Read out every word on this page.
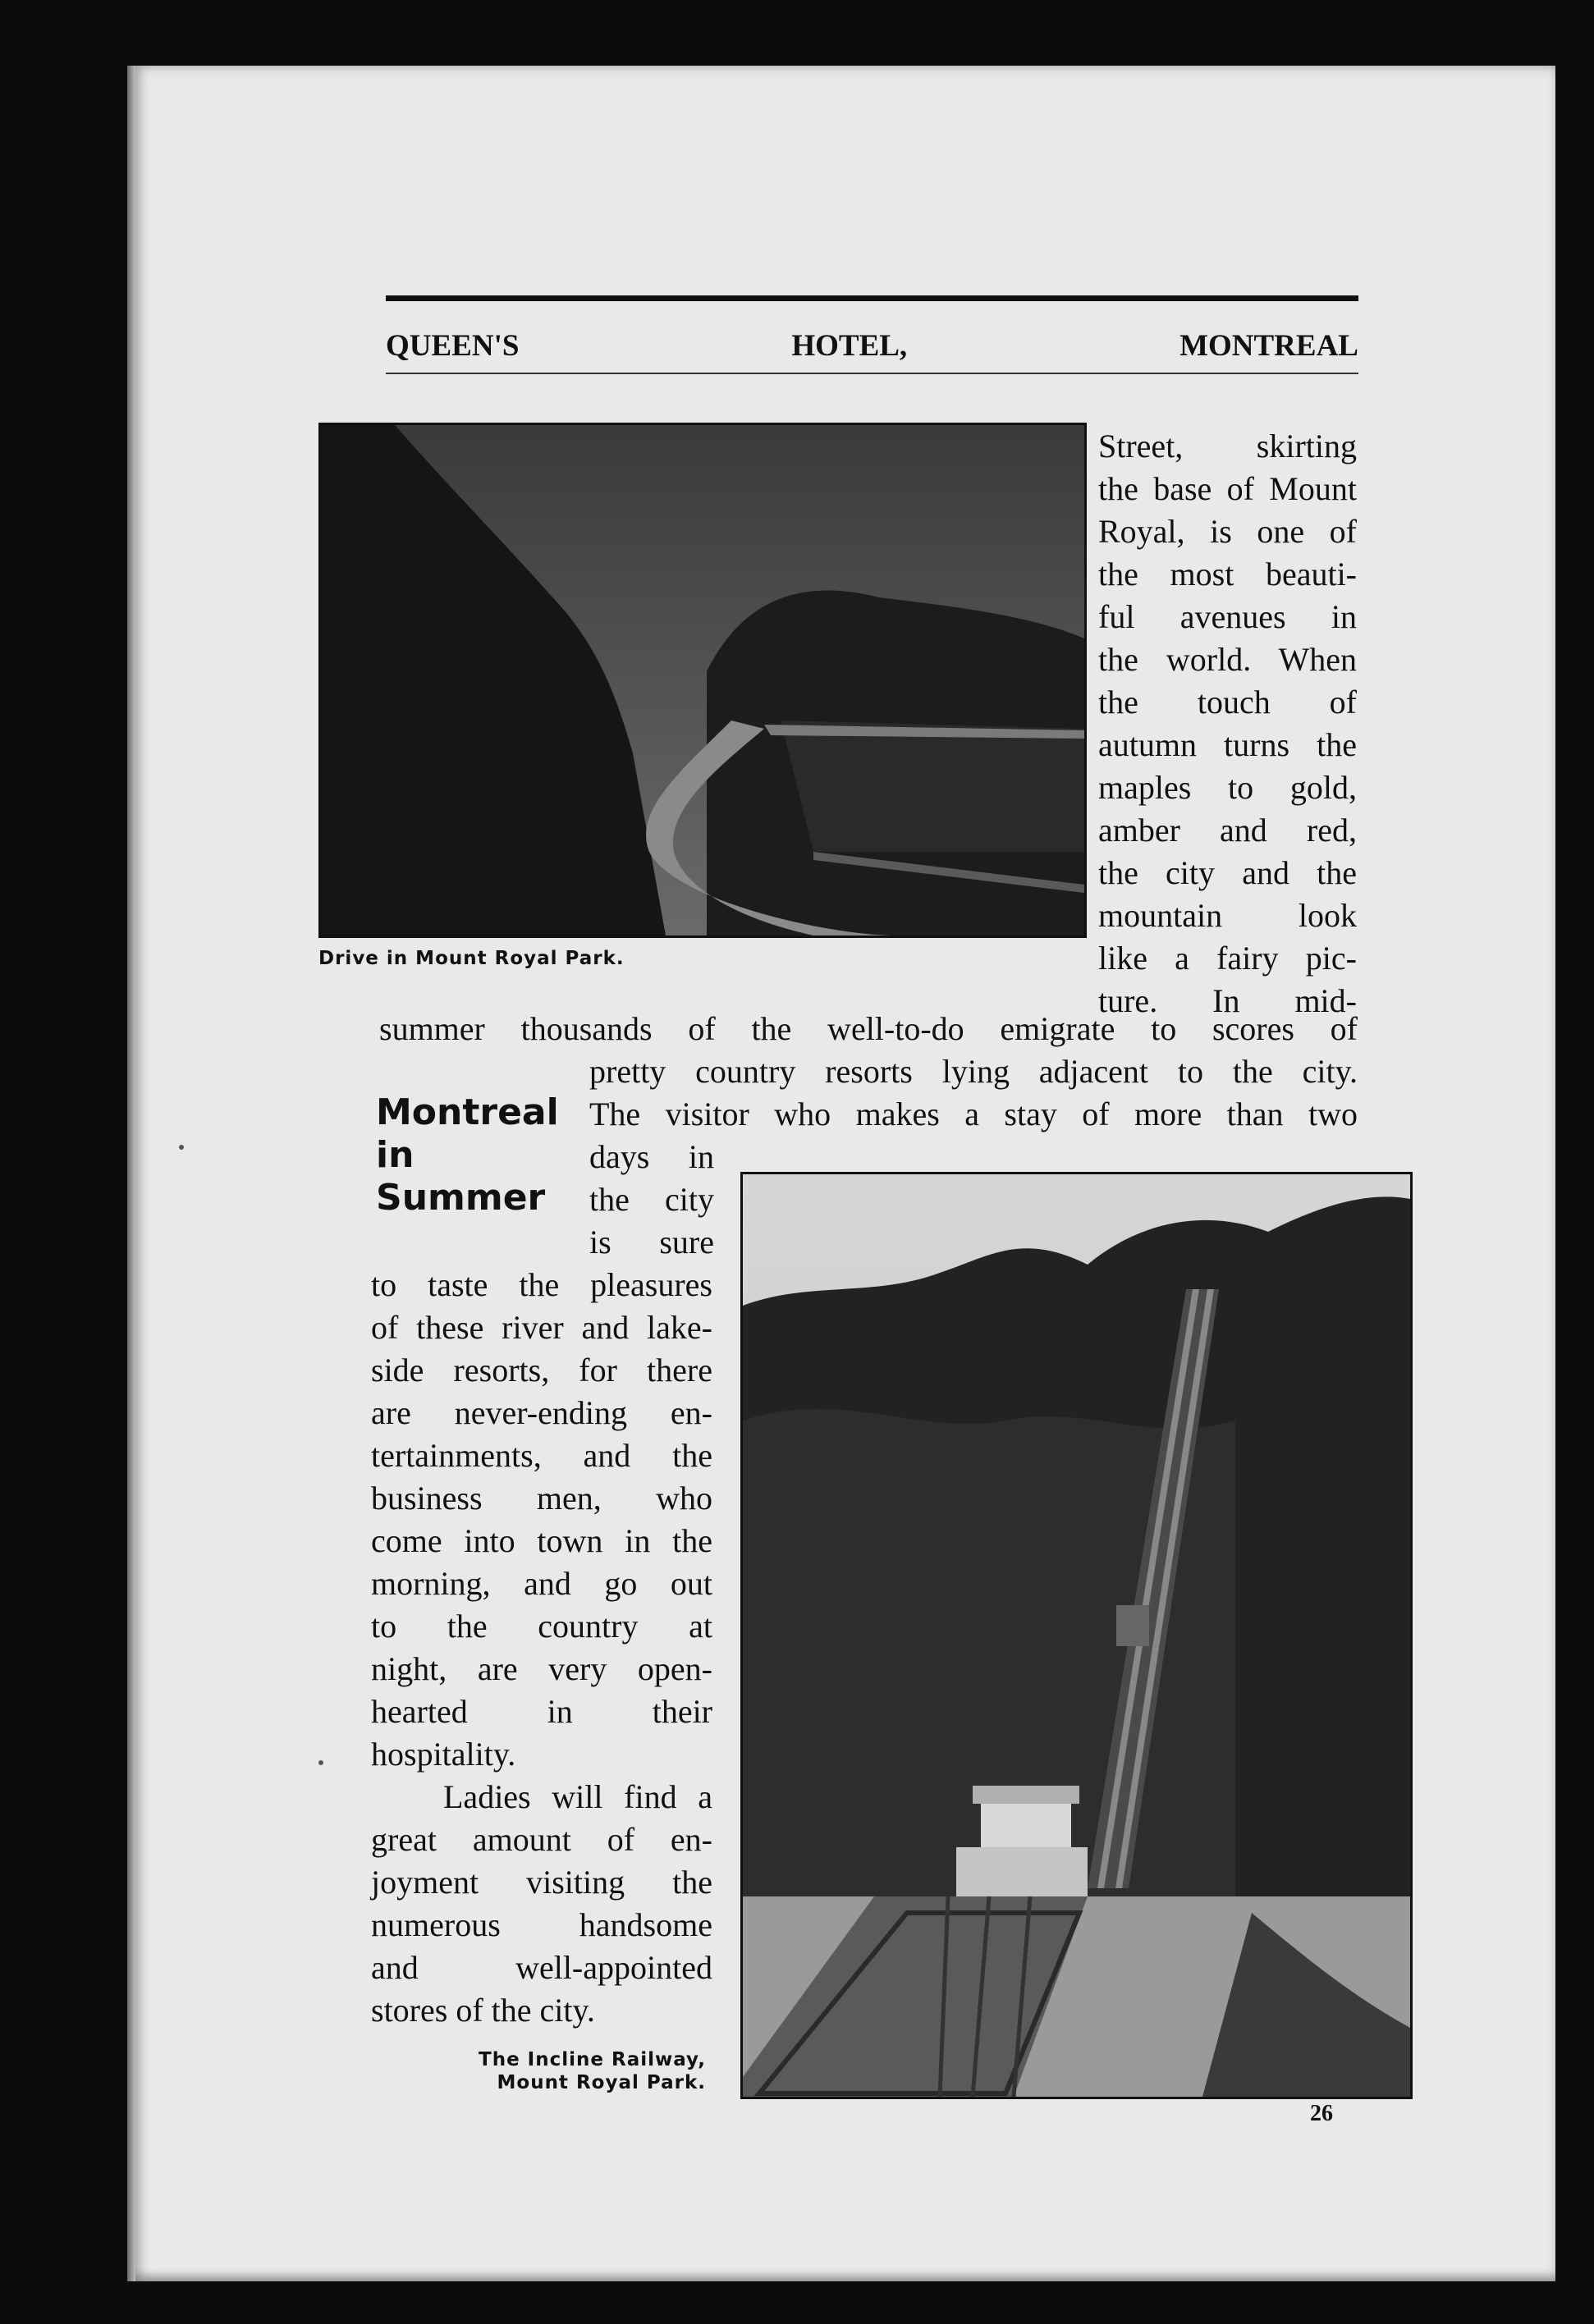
QUEEN'S	HOTEL,	MONTREAL
Drive in Mount Royal Park.
Street, skirting
the base of Mount
Royal, is one of
the most beauti-
ful avenues in
the world. When
the touch of
autumn turns the
maples to gold,
amber and red,
the city and the
mountain look
like a fairy pic-
ture. In mid-
summer thousands of the well-to-do emigrate to scores of
pretty country resorts lying adjacent to the city.
The visitor who makes a stay of more than two
Montreal
in
Summer
days in
the city
is sure
to taste the pleasures
of these river and lake-
side resorts, for there
are never-ending en-
tertainments, and the
business men, who
come into town in the
morning, and go out
to the country at
night, are very open-
hearted in their
hospitality.
Ladies will find a
great amount of en-
joyment visiting the
numerous handsome
and well-appointed
stores of the city.
The Incline Railway,
Mount Royal Park.
26
